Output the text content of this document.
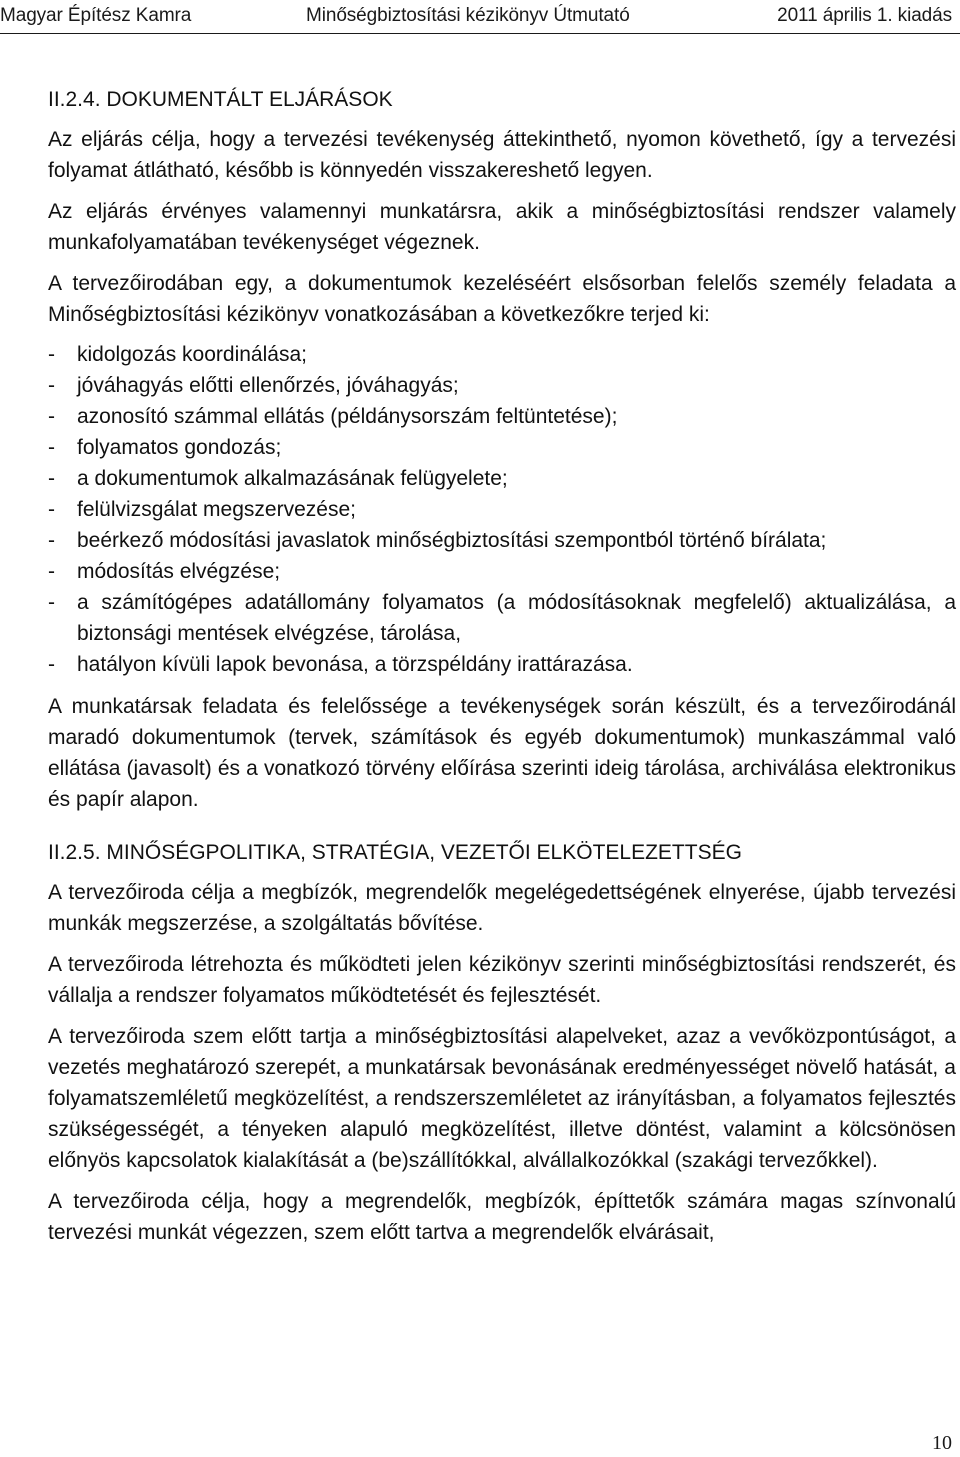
Magyar Építész Kamra	Minőségbiztosítási kézikönyv Útmutató	2011 április 1. kiadás
II.2.4. DOKUMENTÁLT ELJÁRÁSOK

Az eljárás célja, hogy a tervezési tevékenység áttekinthető, nyomon követhető, így a tervezési folyamat átlátható, később is könnyedén visszakereshető legyen.

Az eljárás érvényes valamennyi munkatársra, akik a minőségbiztosítási rendszer valamely munkafolyamatában tevékenységet végeznek.

A tervezőirodában egy, a dokumentumok kezeléséért elsősorban felelős személy feladata a Minőségbiztosítási kézikönyv vonatkozásában a következőkre terjed ki:

- kidolgozás koordinálása;
- jóváhagyás előtti ellenőrzés, jóváhagyás;
- azonosító számmal ellátás (példánysorszám feltüntetése);
- folyamatos gondozás;
- a dokumentumok alkalmazásának felügyelete;
- felülvizsgálat megszervezése;
- beérkező módosítási javaslatok minőségbiztosítási szempontból történő bírálata;
- módosítás elvégzése;
- a számítógépes adatállomány folyamatos (a módosításoknak megfelelő) aktualizálása, a biztonsági mentések elvégzése, tárolása,
- hatályon kívüli lapok bevonása, a törzspéldány irattárazása.

A munkatársak feladata és felelőssége a tevékenységek során készült, és a tervezőirodánál maradó dokumentumok (tervek, számítások és egyéb dokumentumok) munkaszámmal való ellátása (javasolt) és a vonatkozó törvény előírása szerinti ideig tárolása, archiválása elektronikus és papír alapon.

II.2.5. MINŐSÉGPOLITIKA, STRATÉGIA, VEZETŐI ELKÖTELEZETTSÉG

A tervezőiroda célja a megbízók, megrendelők megelégedettségének elnyerése, újabb tervezési munkák megszerzése, a szolgáltatás bővítése.

A tervezőiroda létrehozta és működteti jelen kézikönyv szerinti minőségbiztosítási rendszerét, és vállalja a rendszer folyamatos működtetését és fejlesztését.

A tervezőiroda szem előtt tartja a minőségbiztosítási alapelveket, azaz a vevőközpontúságot, a vezetés meghatározó szerepét, a munkatársak bevonásának eredményességet növelő hatását, a folyamatszemléletű megközelítést, a rendszerszemléletet az irányításban, a folyamatos fejlesztés szükségességét, a tényeken alapuló megközelítést, illetve döntést, valamint a kölcsönösen előnyös kapcsolatok kialakítását a (be)szállítókkal, alvállalkozókkal (szakági tervezőkkel).

A tervezőiroda célja, hogy a megrendelők, megbízók, építtetők számára magas színvonalú tervezési munkát végezzen, szem előtt tartva a megrendelők elvárásait,

10
